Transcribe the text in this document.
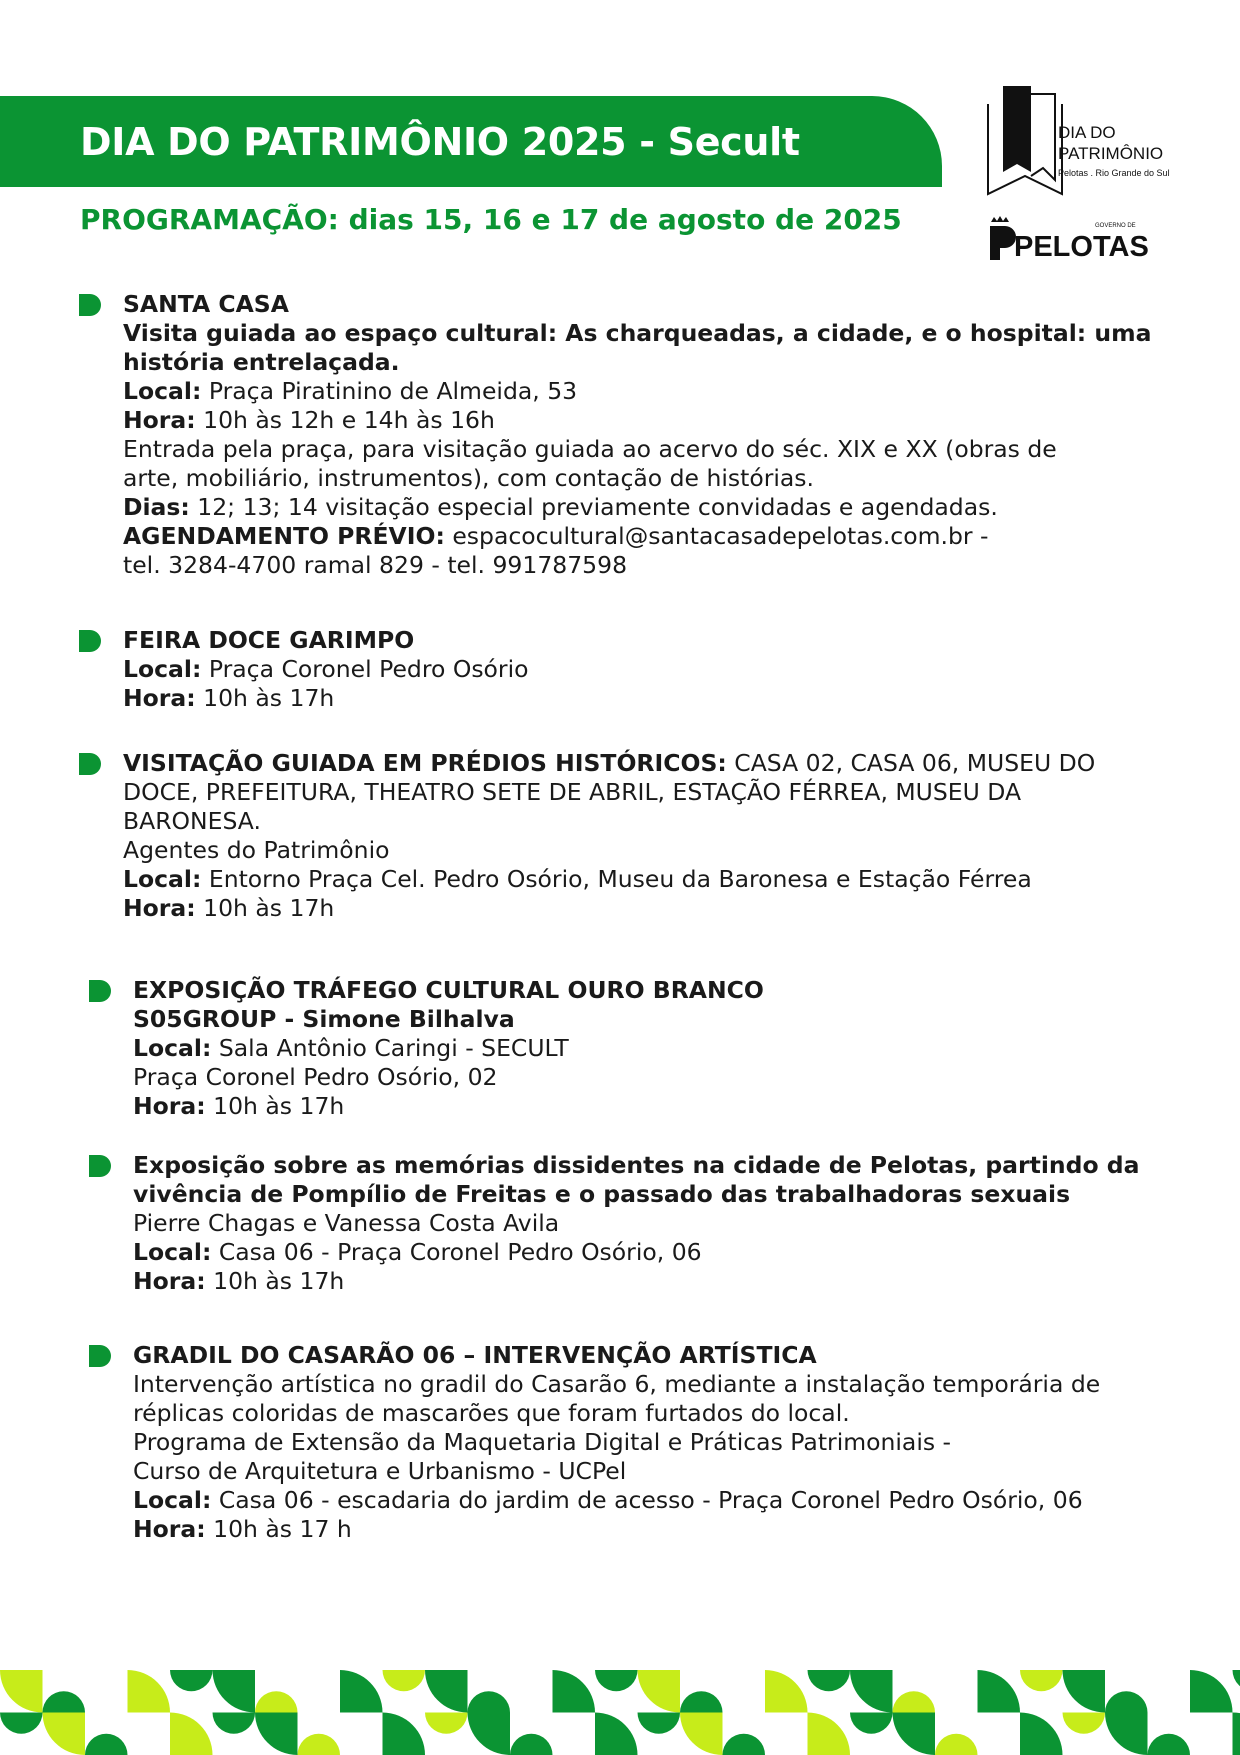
DIA DO PATRIMÔNIO 2025 - Secult
PROGRAMAÇÃO: dias 15, 16 e 17 de agosto de 2025
DIA DO
PATRIMÔNIO
Pelotas . Rio Grande do Sul
GOVERNO DE
PELOTAS

SANTA CASA

Visita guiada ao espaço cultural: As charqueadas, a cidade, e o hospital: uma

história entrelaçada.

Local: Praça Piratinino de Almeida, 53

Hora: 10h às 12h e 14h às 16h

Entrada pela praça, para visitação guiada ao acervo do séc. XIX e XX (obras de

arte, mobiliário, instrumentos), com contação de histórias.

Dias: 12; 13; 14 visitação especial previamente convidadas e agendadas.

AGENDAMENTO PRÉVIO: espacocultural@santacasadepelotas.com.br -

tel. 3284-4700 ramal 829 - tel. 991787598

FEIRA DOCE GARIMPO

Local: Praça Coronel Pedro Osório

Hora: 10h às 17h

VISITAÇÃO GUIADA EM PRÉDIOS HISTÓRICOS: CASA 02, CASA 06, MUSEU DO

DOCE, PREFEITURA, THEATRO SETE DE ABRIL, ESTAÇÃO FÉRREA, MUSEU DA

BARONESA.

Agentes do Patrimônio

Local: Entorno Praça Cel. Pedro Osório, Museu da Baronesa e Estação Férrea

Hora: 10h às 17h

EXPOSIÇÃO TRÁFEGO CULTURAL OURO BRANCO

S05GROUP - Simone Bilhalva

Local: Sala Antônio Caringi - SECULT

Praça Coronel Pedro Osório, 02

Hora: 10h às 17h

Exposição sobre as memórias dissidentes na cidade de Pelotas, partindo da

vivência de Pompílio de Freitas e o passado das trabalhadoras sexuais

Pierre Chagas e Vanessa Costa Avila

Local: Casa 06 - Praça Coronel Pedro Osório, 06

Hora: 10h às 17h

GRADIL DO CASARÃO 06 – INTERVENÇÃO ARTÍSTICA

Intervenção artística no gradil do Casarão 6, mediante a instalação temporária de

réplicas coloridas de mascarões que foram furtados do local.

Programa de Extensão da Maquetaria Digital e Práticas Patrimoniais -

Curso de Arquitetura e Urbanismo - UCPel

Local: Casa 06 - escadaria do jardim de acesso - Praça Coronel Pedro Osório, 06

Hora: 10h às 17 h
